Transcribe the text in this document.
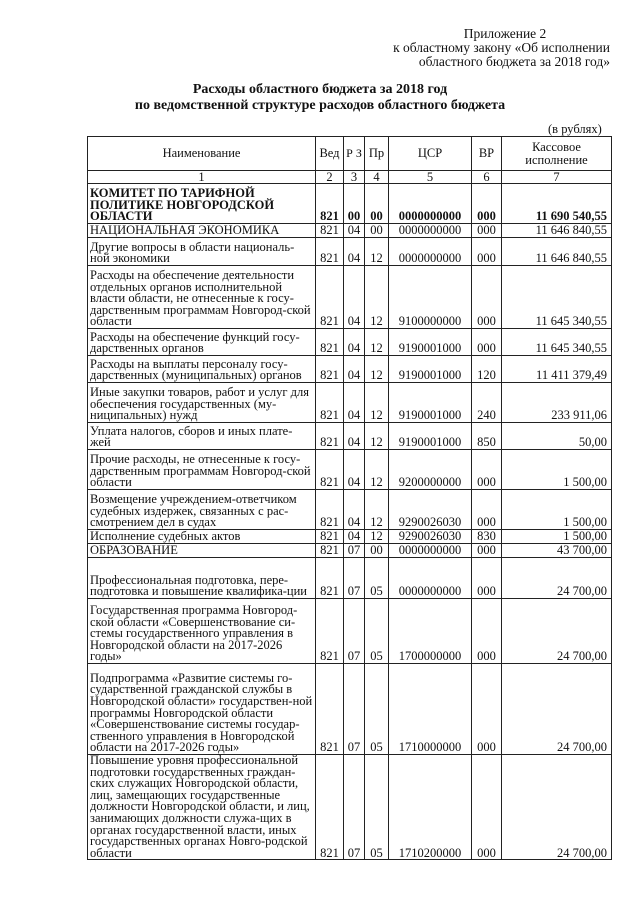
Приложение 2
к областному закону «Об исполнении
областного бюджета за 2018 год»
Расходы областного бюджета за 2018 год
по ведомственной структуре расходов областного бюджета
(в рублях)
Наименование	Вед	Р З	Пр	ЦСР	ВР	Кассовое исполнение
1	2	3	4	5	6	7
КОМИТЕТ ПО ТАРИФНОЙ ПОЛИТИКЕ НОВГОРОДСКОЙ ОБЛАСТИ	821	00	00	0000000000	000	11 690 540,55
НАЦИОНАЛЬНАЯ ЭКОНОМИКА	821	04	00	0000000000	000	11 646 840,55
Другие вопросы в области националь-ной экономики	821	04	12	0000000000	000	11 646 840,55
Расходы на обеспечение деятельности отдельных органов исполнительной власти области, не отнесенные к госу-дарственным программам Новгород-ской области	821	04	12	9100000000	000	11 645 340,55
Расходы на обеспечение функций госу-дарственных органов	821	04	12	9190001000	000	11 645 340,55
Расходы на выплаты персоналу госу-дарственных (муниципальных) органов	821	04	12	9190001000	120	11 411 379,49
Иные закупки товаров, работ и услуг для обеспечения государственных (му-ниципальных) нужд	821	04	12	9190001000	240	233 911,06
Уплата налогов, сборов и иных плате-жей	821	04	12	9190001000	850	50,00
Прочие расходы, не отнесенные к госу-дарственным программам Новгород-ской области	821	04	12	9200000000	000	1 500,00
Возмещение учреждением-ответчиком судебных издержек, связанных с рас-смотрением дел в судах	821	04	12	9290026030	000	1 500,00
Исполнение судебных актов	821	04	12	9290026030	830	1 500,00
ОБРАЗОВАНИЕ	821	07	00	0000000000	000	43 700,00
Профессиональная подготовка, пере-подготовка и повышение квалифика-ции	821	07	05	0000000000	000	24 700,00
Государственная программа Новгород-ской области «Совершенствование си-стемы государственного управления в Новгородской области на 2017-2026 годы»	821	07	05	1700000000	000	24 700,00
Подпрограмма «Развитие системы го-сударственной гражданской службы в Новгородской области» государствен-ной программы Новгородской области «Совершенствование системы государ-ственного управления в Новгородской области на 2017-2026 годы»	821	07	05	1710000000	000	24 700,00
Повышение уровня профессиональной подготовки государственных граждан-ских служащих Новгородской области, лиц, замещающих государственные должности Новгородской области, и лиц, занимающих должности служа-щих в органах государственной власти, иных государственных органах Новго-родской области	821	07	05	1710200000	000	24 700,00
